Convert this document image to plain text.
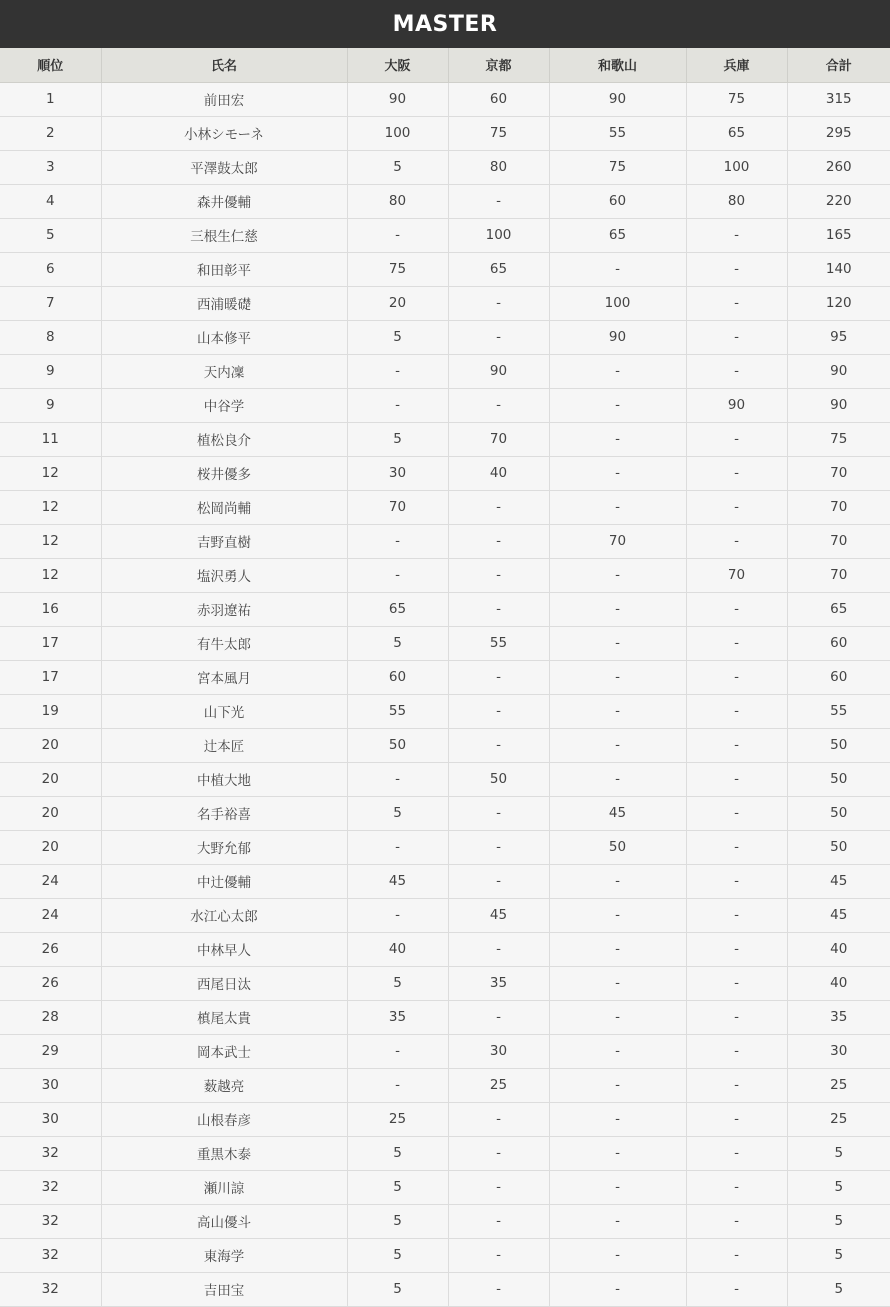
MASTER
順位	氏名	大阪	京都	和歌山	兵庫	合計
1	前田宏	90	60	90	75	315
2	小林シモーネ	100	75	55	65	295
3	平澤鼓太郎	5	80	75	100	260
4	森井優輔	80	-	60	80	220
5	三根生仁慈	-	100	65	-	165
6	和田彰平	75	65	-	-	140
7	西浦暖礎	20	-	100	-	120
8	山本修平	5	-	90	-	95
9	天内凜	-	90	-	-	90
9	中谷学	-	-	-	90	90
11	植松良介	5	70	-	-	75
12	桜井優多	30	40	-	-	70
12	松岡尚輔	70	-	-	-	70
12	吉野直樹	-	-	70	-	70
12	塩沢勇人	-	-	-	70	70
16	赤羽遼祐	65	-	-	-	65
17	有牛太郎	5	55	-	-	60
17	宮本風月	60	-	-	-	60
19	山下光	55	-	-	-	55
20	辻本匠	50	-	-	-	50
20	中植大地	-	50	-	-	50
20	名手裕喜	5	-	45	-	50
20	大野允郁	-	-	50	-	50
24	中辻優輔	45	-	-	-	45
24	水江心太郎	-	45	-	-	45
26	中林早人	40	-	-	-	40
26	西尾日汰	5	35	-	-	40
28	槙尾太貴	35	-	-	-	35
29	岡本武士	-	30	-	-	30
30	薮越亮	-	25	-	-	25
30	山根春彦	25	-	-	-	25
32	重黒木泰	5	-	-	-	5
32	瀬川諒	5	-	-	-	5
32	高山優斗	5	-	-	-	5
32	東海学	5	-	-	-	5
32	吉田宝	5	-	-	-	5
